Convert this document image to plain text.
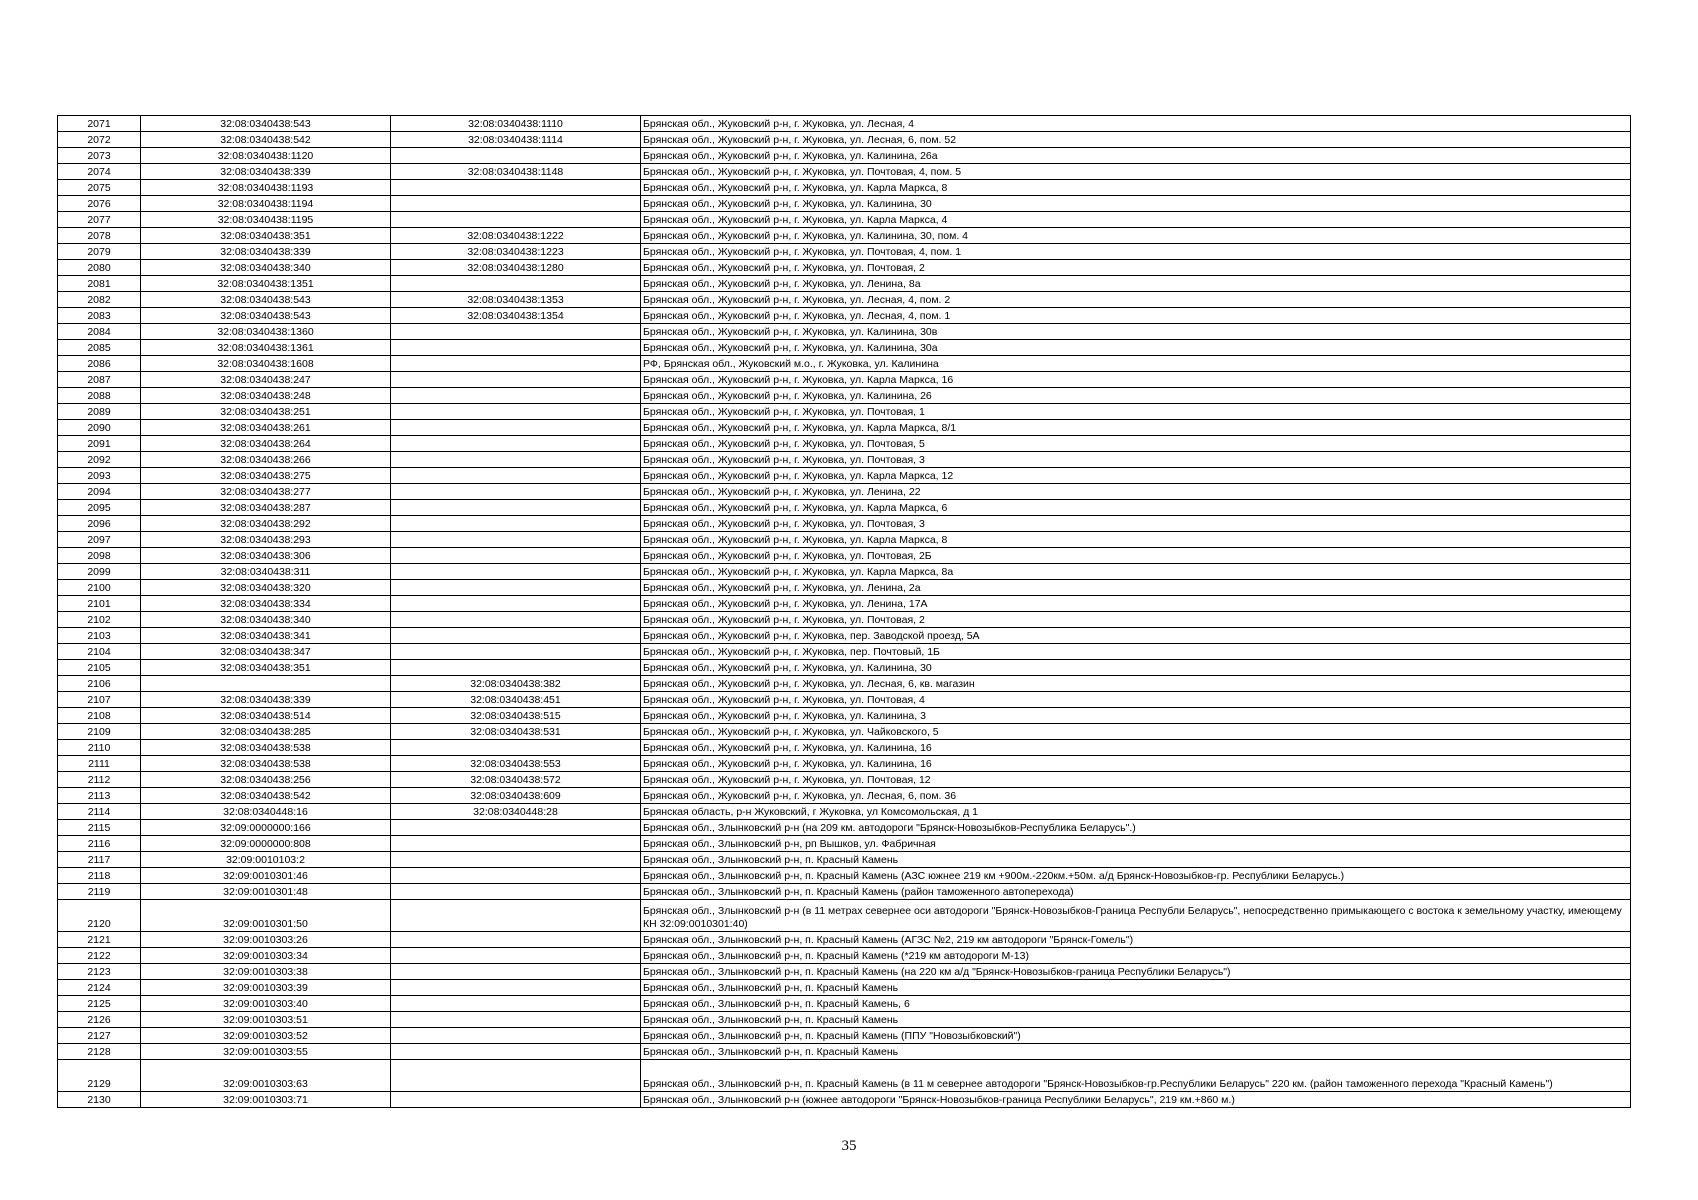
2071	32:08:0340438:543	32:08:0340438:1110	Брянская обл., Жуковский р-н, г. Жуковка, ул. Лесная, 4
2072	32:08:0340438:542	32:08:0340438:1114	Брянская обл., Жуковский р-н, г. Жуковка, ул. Лесная, 6, пом. 52
2073	32:08:0340438:1120		Брянская обл., Жуковский р-н, г. Жуковка, ул. Калинина, 26а
2074	32:08:0340438:339	32:08:0340438:1148	Брянская обл., Жуковский р-н, г. Жуковка, ул. Почтовая, 4, пом. 5
2075	32:08:0340438:1193		Брянская обл., Жуковский р-н, г. Жуковка, ул. Карла Маркса, 8
2076	32:08:0340438:1194		Брянская обл., Жуковский р-н, г. Жуковка, ул. Калинина, 30
2077	32:08:0340438:1195		Брянская обл., Жуковский р-н, г. Жуковка, ул. Карла Маркса, 4
2078	32:08:0340438:351	32:08:0340438:1222	Брянская обл., Жуковский р-н, г. Жуковка, ул. Калинина, 30, пом. 4
2079	32:08:0340438:339	32:08:0340438:1223	Брянская обл., Жуковский р-н, г. Жуковка, ул. Почтовая, 4, пом. 1
2080	32:08:0340438:340	32:08:0340438:1280	Брянская обл., Жуковский р-н, г. Жуковка, ул. Почтовая, 2
2081	32:08:0340438:1351		Брянская обл., Жуковский р-н, г. Жуковка, ул. Ленина, 8а
2082	32:08:0340438:543	32:08:0340438:1353	Брянская обл., Жуковский р-н, г. Жуковка, ул. Лесная, 4, пом. 2
2083	32:08:0340438:543	32:08:0340438:1354	Брянская обл., Жуковский р-н, г. Жуковка, ул. Лесная, 4, пом. 1
2084	32:08:0340438:1360		Брянская обл., Жуковский р-н, г. Жуковка, ул. Калинина, 30в
2085	32:08:0340438:1361		Брянская обл., Жуковский р-н, г. Жуковка, ул. Калинина, 30а
2086	32:08:0340438:1608		РФ, Брянская обл., Жуковский м.о., г. Жуковка, ул. Калинина
2087	32:08:0340438:247		Брянская обл., Жуковский р-н, г. Жуковка, ул. Карла Маркса, 16
2088	32:08:0340438:248		Брянская обл., Жуковский р-н, г. Жуковка, ул. Калинина, 26
2089	32:08:0340438:251		Брянская обл., Жуковский р-н, г. Жуковка, ул. Почтовая, 1
2090	32:08:0340438:261		Брянская обл., Жуковский р-н, г. Жуковка, ул. Карла Маркса, 8/1
2091	32:08:0340438:264		Брянская обл., Жуковский р-н, г. Жуковка, ул. Почтовая, 5
2092	32:08:0340438:266		Брянская обл., Жуковский р-н, г. Жуковка, ул. Почтовая, 3
2093	32:08:0340438:275		Брянская обл., Жуковский р-н, г. Жуковка, ул. Карла Маркса, 12
2094	32:08:0340438:277		Брянская обл., Жуковский р-н, г. Жуковка, ул. Ленина, 22
2095	32:08:0340438:287		Брянская обл., Жуковский р-н, г. Жуковка, ул. Карла Маркса, 6
2096	32:08:0340438:292		Брянская обл., Жуковский р-н, г. Жуковка, ул. Почтовая, 3
2097	32:08:0340438:293		Брянская обл., Жуковский р-н, г. Жуковка, ул. Карла Маркса, 8
2098	32:08:0340438:306		Брянская обл., Жуковский р-н, г. Жуковка, ул. Почтовая, 2Б
2099	32:08:0340438:311		Брянская обл., Жуковский р-н, г. Жуковка, ул. Карла Маркса, 8а
2100	32:08:0340438:320		Брянская обл., Жуковский р-н, г. Жуковка, ул. Ленина, 2а
2101	32:08:0340438:334		Брянская обл., Жуковский р-н, г. Жуковка, ул. Ленина, 17А
2102	32:08:0340438:340		Брянская обл., Жуковский р-н, г. Жуковка, ул. Почтовая, 2
2103	32:08:0340438:341		Брянская обл., Жуковский р-н, г. Жуковка, пер. Заводской проезд, 5А
2104	32:08:0340438:347		Брянская обл., Жуковский р-н, г. Жуковка, пер. Почтовый, 1Б
2105	32:08:0340438:351		Брянская обл., Жуковский р-н, г. Жуковка, ул. Калинина, 30
2106		32:08:0340438:382	Брянская обл., Жуковский р-н, г. Жуковка, ул. Лесная, 6, кв. магазин
2107	32:08:0340438:339	32:08:0340438:451	Брянская обл., Жуковский р-н, г. Жуковка, ул. Почтовая, 4
2108	32:08:0340438:514	32:08:0340438:515	Брянская обл., Жуковский р-н, г. Жуковка, ул. Калинина, 3
2109	32:08:0340438:285	32:08:0340438:531	Брянская обл., Жуковский р-н, г. Жуковка, ул. Чайковского, 5
2110	32:08:0340438:538		Брянская обл., Жуковский р-н, г. Жуковка, ул. Калинина, 16
2111	32:08:0340438:538	32:08:0340438:553	Брянская обл., Жуковский р-н, г. Жуковка, ул. Калинина, 16
2112	32:08:0340438:256	32:08:0340438:572	Брянская обл., Жуковский р-н, г. Жуковка, ул. Почтовая, 12
2113	32:08:0340438:542	32:08:0340438:609	Брянская обл., Жуковский р-н, г. Жуковка, ул. Лесная, 6, пом. 36
2114	32:08:0340448:16	32:08:0340448:28	Брянская область, р-н Жуковский, г Жуковка, ул Комсомольская, д 1
2115	32:09:0000000:166		Брянская обл., Злынковский р-н (на 209 км. автодороги "Брянск-Новозыбков-Республика Беларусь".)
2116	32:09:0000000:808		Брянская обл., Злынковский р-н, рп Вышков, ул. Фабричная
2117	32:09:0010103:2		Брянская обл., Злынковский р-н, п. Красный Камень
2118	32:09:0010301:46		Брянская обл., Злынковский р-н, п. Красный Камень (АЗС южнее 219 км +900м.-220км.+50м. а/д Брянск-Новозыбков-гр. Республики Беларусь.)
2119	32:09:0010301:48		Брянская обл., Злынковский р-н, п. Красный Камень (район таможенного автоперехода)
2120	32:09:0010301:50		Брянская обл., Злынковский р-н (в 11 метрах севернее оси автодороги "Брянск-Новозыбков-Граница Республи Беларусь", непосредственно примыкающего с востока к земельному участку, имеющему КН 32:09:0010301:40)
2121	32:09:0010303:26		Брянская обл., Злынковский р-н, п. Красный Камень (АГЗС №2, 219 км автодороги "Брянск-Гомель")
2122	32:09:0010303:34		Брянская обл., Злынковский р-н, п. Красный Камень (*219 км автодороги М-13)
2123	32:09:0010303:38		Брянская обл., Злынковский р-н, п. Красный Камень (на 220 км а/д "Брянск-Новозыбков-граница Республики Беларусь")
2124	32:09:0010303:39		Брянская обл., Злынковский р-н, п. Красный Камень
2125	32:09:0010303:40		Брянская обл., Злынковский р-н, п. Красный Камень, 6
2126	32:09:0010303:51		Брянская обл., Злынковский р-н, п. Красный Камень
2127	32:09:0010303:52		Брянская обл., Злынковский р-н, п. Красный Камень (ППУ "Новозыбковский")
2128	32:09:0010303:55		Брянская обл., Злынковский р-н, п. Красный Камень
2129	32:09:0010303:63		Брянская обл., Злынковский р-н, п. Красный Камень (в 11 м севернее автодороги "Брянск-Новозыбков-гр.Республики Беларусь" 220 км. (район таможенного перехода "Красный Камень")
2130	32:09:0010303:71		Брянская обл., Злынковский р-н (южнее автодороги "Брянск-Новозыбков-граница Республики Беларусь", 219 км.+860 м.)
35
